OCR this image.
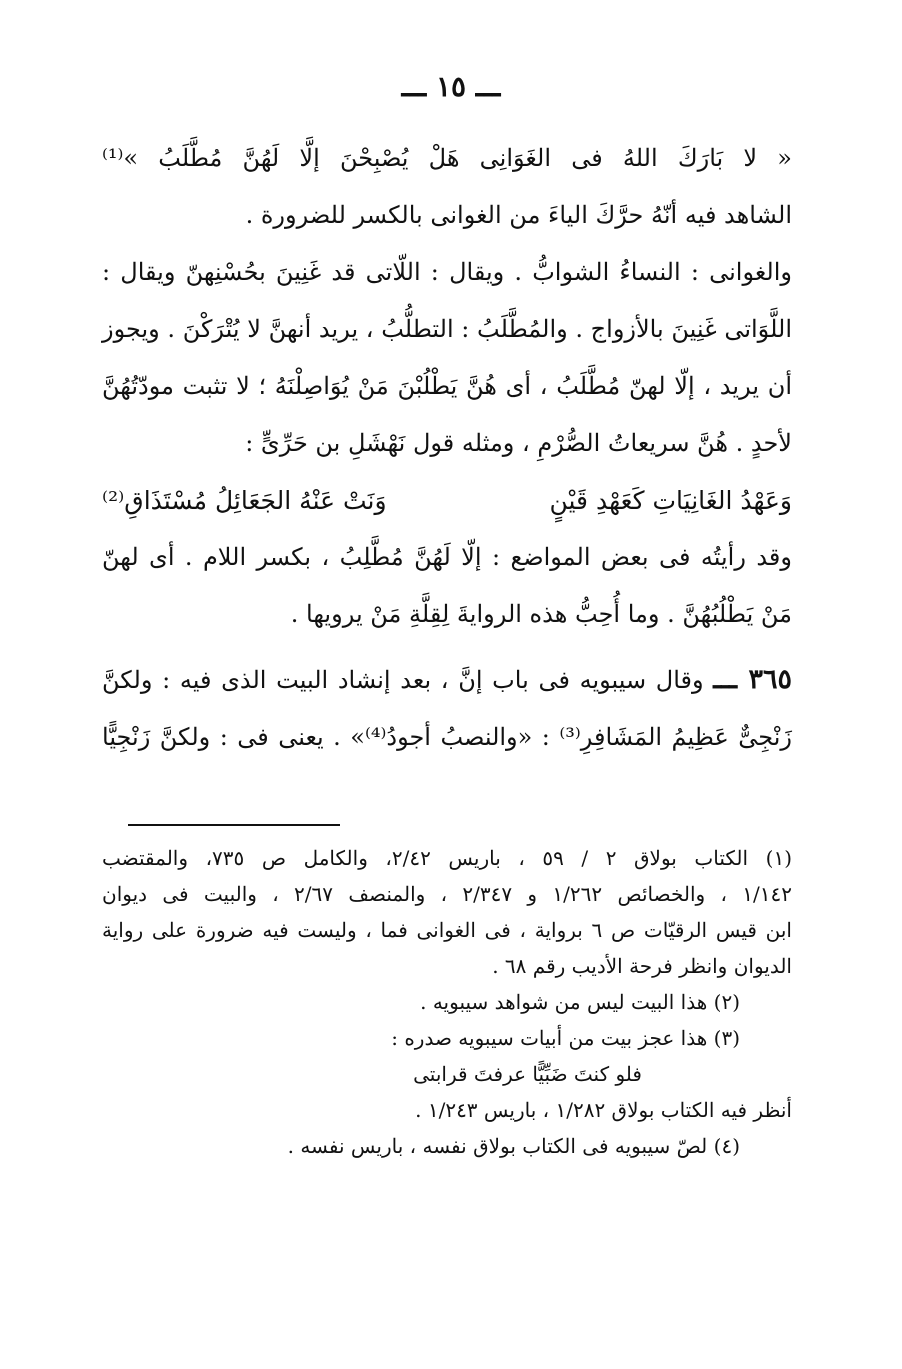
ـــ ١٥ ـــ
« لا بَارَكَ اللهُ فى الغَوَانِى هَلْ يُصْبِحْنَ إلَّا لَهُنَّ مُطَّلَبُ »⁽¹⁾
الشاهد فيه أنّهُ حرَّكَ الياءَ من الغوانى بالكسر للضرورة .
والغوانى : النساءُ الشوابُّ . ويقال : اللّاتى قد غَنِينَ بحُسْنِهنّ ويقال :
اللَّوَاتى غَنِينَ بالأزواج . والمُطَّلَبُ : التطلُّبُ ، يريد أنهنَّ لا يُتْرَكْنَ . ويجوز
أن يريد ، إلّا لهنّ مُطَّلَبُ ، أى هُنَّ يَطْلُبْنَ مَنْ يُوَاصِلْنَهُ ؛ لا تثبت مودّتُهُنَّ
لأحدٍ . هُنَّ سريعاتُ الصُّرْمِ ، ومثله قول نَهْشَلِ بن حَرِّىٍّ :
وَعَهْدُ الغَانِيَاتِ كَعَهْدِ قَيْنٍ
وَنَتْ عَنْهُ الجَعَائِلُ مُسْتَذَاقِ⁽²⁾
وقد رأيتُه فى بعض المواضع : إلّا لَهُنَّ مُطَّلِبُ ، بكسر اللام . أى لهنّ
مَنْ يَطْلُبُهُنَّ . وما أُحِبُّ هذه الروايةَ لِقِلَّةِ مَنْ يرويها .
٣٦٥ ـــ وقال سيبويه فى باب إنَّ ، بعد إنشاد البيت الذى فيه : ولكنَّ
زَنْجِىٌّ عَظِيمُ المَشَافِرِ⁽³⁾ : «والنصبُ أجودُ⁽⁴⁾» . يعنى فى : ولكنَّ زَنْجِيًّا
(١) الكتاب بولاق ٢ / ٥٩ ، باريس ٢/٤٢، والكامل ص ٧٣٥، والمقتضب
١/١٤٢ ، والخصائص ١/٢٦٢ و ٢/٣٤٧ ، والمنصف ٢/٦٧ ، والبيت فى ديوان
ابن قيس الرقيّات ص ٦ برواية ، فى الغوانى فما ، وليست فيه ضرورة على رواية
الديوان وانظر فرحة الأديب رقم ٦٨ .
(٢) هذا البيت ليس من شواهد سيبويه .
(٣) هذا عجز بيت من أبيات سيبويه صدره :
فلو كنتَ ضَبِّيًّا عرفتَ قرابتى
أنظر فيه الكتاب بولاق ١/٢٨٢ ، باريس ١/٢٤٣ .
(٤) لصّ سيبويه فى الكتاب بولاق نفسه ، باريس نفسه .
